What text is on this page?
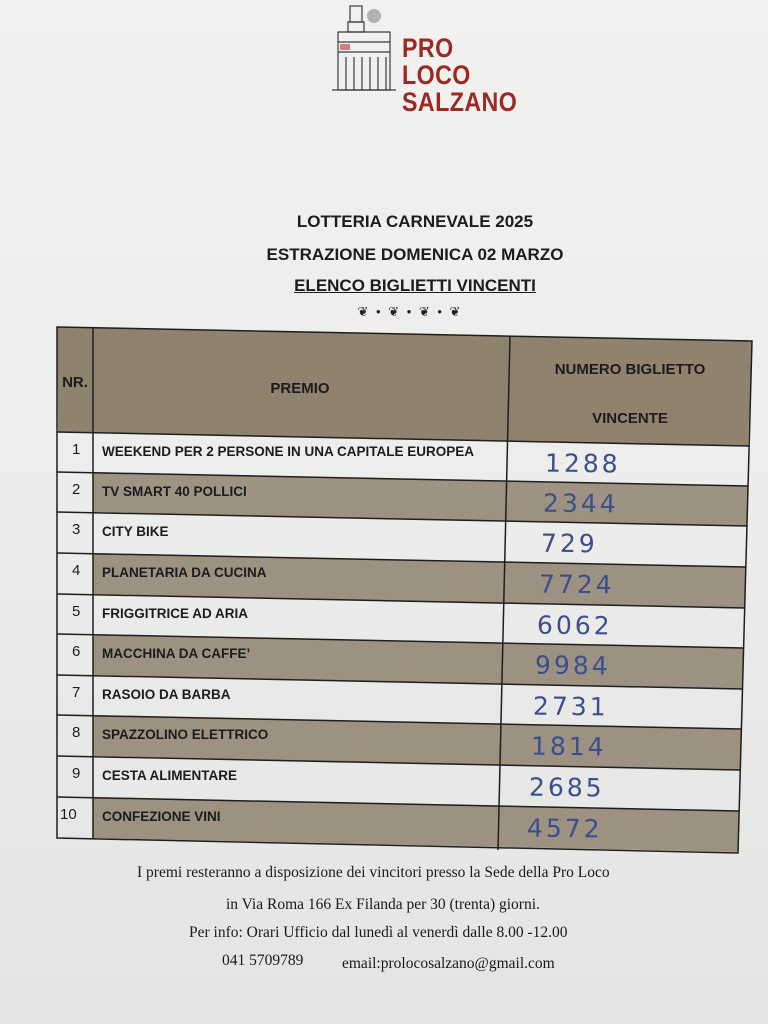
PRO LOCO
SALZANO
LOTTERIA CARNEVALE 2025
ESTRAZIONE DOMENICA 02 MARZO
ELENCO BIGLIETTI VINCENTI
❦ • ❦ • ❦ • ❦
NR.	PREMIO
NUMERO BIGLIETTO
VINCENTE
1 WEEKEND PER 2 PERSONE IN UNA CAPITALE EUROPEA	1288
2 TV SMART 40 POLLICI	2344
3 CITY BIKE	729
4 PLANETARIA DA CUCINA	7724
5 FRIGGITRICE AD ARIA	6062
6 MACCHINA DA CAFFE’	9984
7 RASOIO DA BARBA	2731
8 SPAZZOLINO ELETTRICO	1814
9 CESTA ALIMENTARE	2685
10 CONFEZIONE VINI	4572
I premi resteranno a disposizione dei vincitori presso la Sede della Pro Loco
in Via Roma 166 Ex Filanda per 30 (trenta) giorni.
Per info: Orari Ufficio dal lunedì al venerdì dalle 8.00 -12.00
041 5709789 email:prolocosalzano@gmail.com
